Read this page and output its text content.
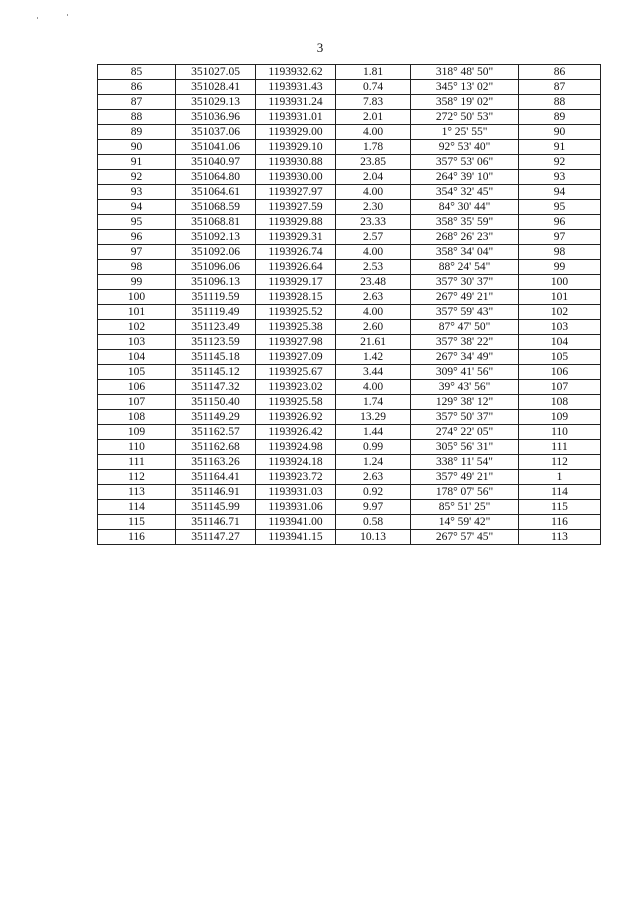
3
85	351027.05	1193932.62	1.81	318° 48' 50"	86
86	351028.41	1193931.43	0.74	345° 13' 02"	87
87	351029.13	1193931.24	7.83	358° 19' 02"	88
88	351036.96	1193931.01	2.01	272° 50' 53"	89
89	351037.06	1193929.00	4.00	1° 25' 55"	90
90	351041.06	1193929.10	1.78	92° 53' 40"	91
91	351040.97	1193930.88	23.85	357° 53' 06"	92
92	351064.80	1193930.00	2.04	264° 39' 10"	93
93	351064.61	1193927.97	4.00	354° 32' 45"	94
94	351068.59	1193927.59	2.30	84° 30' 44"	95
95	351068.81	1193929.88	23.33	358° 35' 59"	96
96	351092.13	1193929.31	2.57	268° 26' 23"	97
97	351092.06	1193926.74	4.00	358° 34' 04"	98
98	351096.06	1193926.64	2.53	88° 24' 54"	99
99	351096.13	1193929.17	23.48	357° 30' 37"	100
100	351119.59	1193928.15	2.63	267° 49' 21"	101
101	351119.49	1193925.52	4.00	357° 59' 43"	102
102	351123.49	1193925.38	2.60	87° 47' 50"	103
103	351123.59	1193927.98	21.61	357° 38' 22"	104
104	351145.18	1193927.09	1.42	267° 34' 49"	105
105	351145.12	1193925.67	3.44	309° 41' 56"	106
106	351147.32	1193923.02	4.00	39° 43' 56"	107
107	351150.40	1193925.58	1.74	129° 38' 12"	108
108	351149.29	1193926.92	13.29	357° 50' 37"	109
109	351162.57	1193926.42	1.44	274° 22' 05"	110
110	351162.68	1193924.98	0.99	305° 56' 31"	111
111	351163.26	1193924.18	1.24	338° 11' 54"	112
112	351164.41	1193923.72	2.63	357° 49' 21"	1
113	351146.91	1193931.03	0.92	178° 07' 56"	114
114	351145.99	1193931.06	9.97	85° 51' 25"	115
115	351146.71	1193941.00	0.58	14° 59' 42"	116
116	351147.27	1193941.15	10.13	267° 57' 45"	113
